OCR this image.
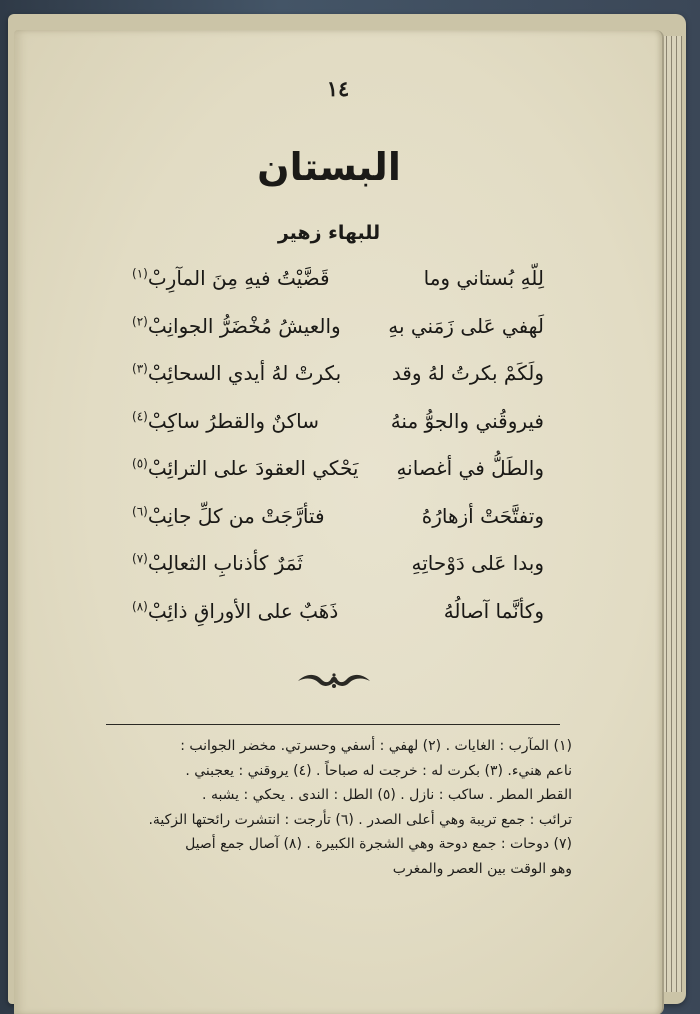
١٤
البستان
للبهاء زهير
لِلّهِ بُستاني وما
قَضَّيْتُ فيهِ مِنَ المآرِبْ$^{(١)}$
لَهفي عَلى زَمَني بهِ
والعيشُ مُخْضَرُّ الجوانِبْ$^{(٢)}$
ولَكَمْ بكرتُ لهُ وقد
بكرتْ لهُ أيدي السحائِبْ$^{(٣)}$
فيروقُني والجوُّ منهُ
ساكنٌ والقطرُ ساكِبْ$^{(٤)}$
والطَلُّ في أغصانهِ
يَحْكي العقودَ على الترائِبْ$^{(٥)}$
وتفتَّحَتْ أزهارُهُ
فتأرَّجَتْ من كلِّ جانِبْ$^{(٦)}$
وبدا عَلى دَوْحاتِهِ
ثَمَرٌ كأذنابِ الثعالِبْ$^{(٧)}$
وكأنَّما آصالُهُ
ذَهَبٌ على الأوراقِ ذائِبْ$^{(٨)}$
(١) المآرب : الغايات . (٢) لهفي : أسفي وحسرتي. مخضر الجوانب :
ناعم هنيء. (٣) بكرت له : خرجت له صباحاً . (٤) يروقني : يعجبني .
القطر المطر . ساكب : نازل . (٥) الطل : الندى . يحكي : يشبه .
ترائب : جمع تريبة وهي أعلى الصدر . (٦) تأرجت : انتشرت رائحتها الزكية.
(٧) دوحات : جمع دوحة وهي الشجرة الكبيرة . (٨) آصال جمع أصيل
وهو الوقت بين العصر والمغرب
